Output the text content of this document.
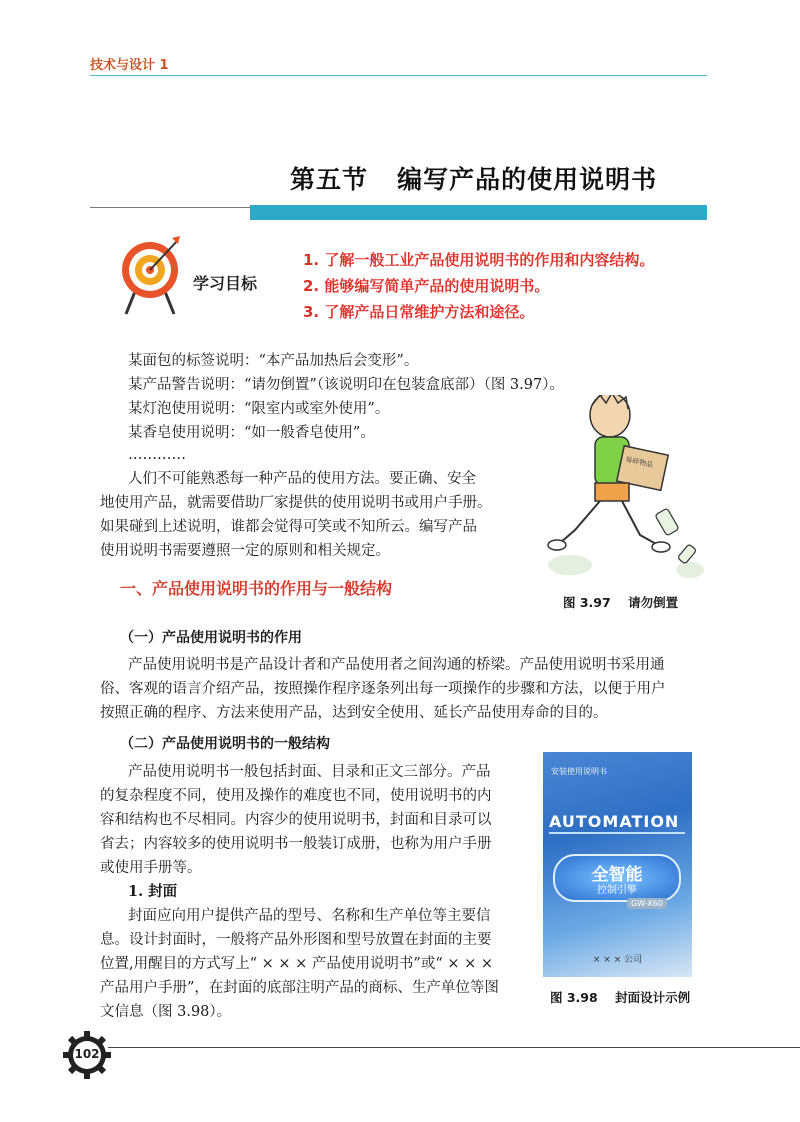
技术与设计 1
第五节   编写产品的使用说明书
学习目标
1. 了解一般工业产品使用说明书的作用和内容结构。
2. 能够编写简单产品的使用说明书。
3. 了解产品日常维护方法和途径。
某面包的标签说明：“本产品加热后会变形”。
某产品警告说明：“请勿倒置”（该说明印在包装盒底部）（图 3.97）。
某灯泡使用说明：“限室内或室外使用”。
某香皂使用说明：“如一般香皂使用”。
…………
人们不可能熟悉每一种产品的使用方法。要正确、安全
地使用产品，就需要借助厂家提供的使用说明书或用户手册。
如果碰到上述说明，谁都会觉得可笑或不知所云。编写产品
使用说明书需要遵照一定的原则和相关规定。
易碎物品
图 3.97    请勿倒置
一、产品使用说明书的作用与一般结构
（一）产品使用说明书的作用
产品使用说明书是产品设计者和产品使用者之间沟通的桥梁。产品使用说明书采用通
俗、客观的语言介绍产品，按照操作程序逐条列出每一项操作的步骤和方法，以便于用户
按照正确的程序、方法来使用产品，达到安全使用、延长产品使用寿命的目的。
（二）产品使用说明书的一般结构
产品使用说明书一般包括封面、目录和正文三部分。产品
的复杂程度不同，使用及操作的难度也不同，使用说明书的内
容和结构也不尽相同。内容少的使用说明书，封面和目录可以
省去；内容较多的使用说明书一般装订成册，也称为用户手册
或使用手册等。
1. 封面
封面应向用户提供产品的型号、名称和生产单位等主要信
息。设计封面时，一般将产品外形图和型号放置在封面的主要
位置,用醒目的方式写上“ × × × 产品使用说明书”或“ × × ×
产品用户手册”，在封面的底部注明产品的商标、生产单位等图
文信息（图 3.98）。
安装使用说明书
AUTOMATION
全智能
控制引擎
GW-X60
× × × 公司
图 3.98    封面设计示例
102
